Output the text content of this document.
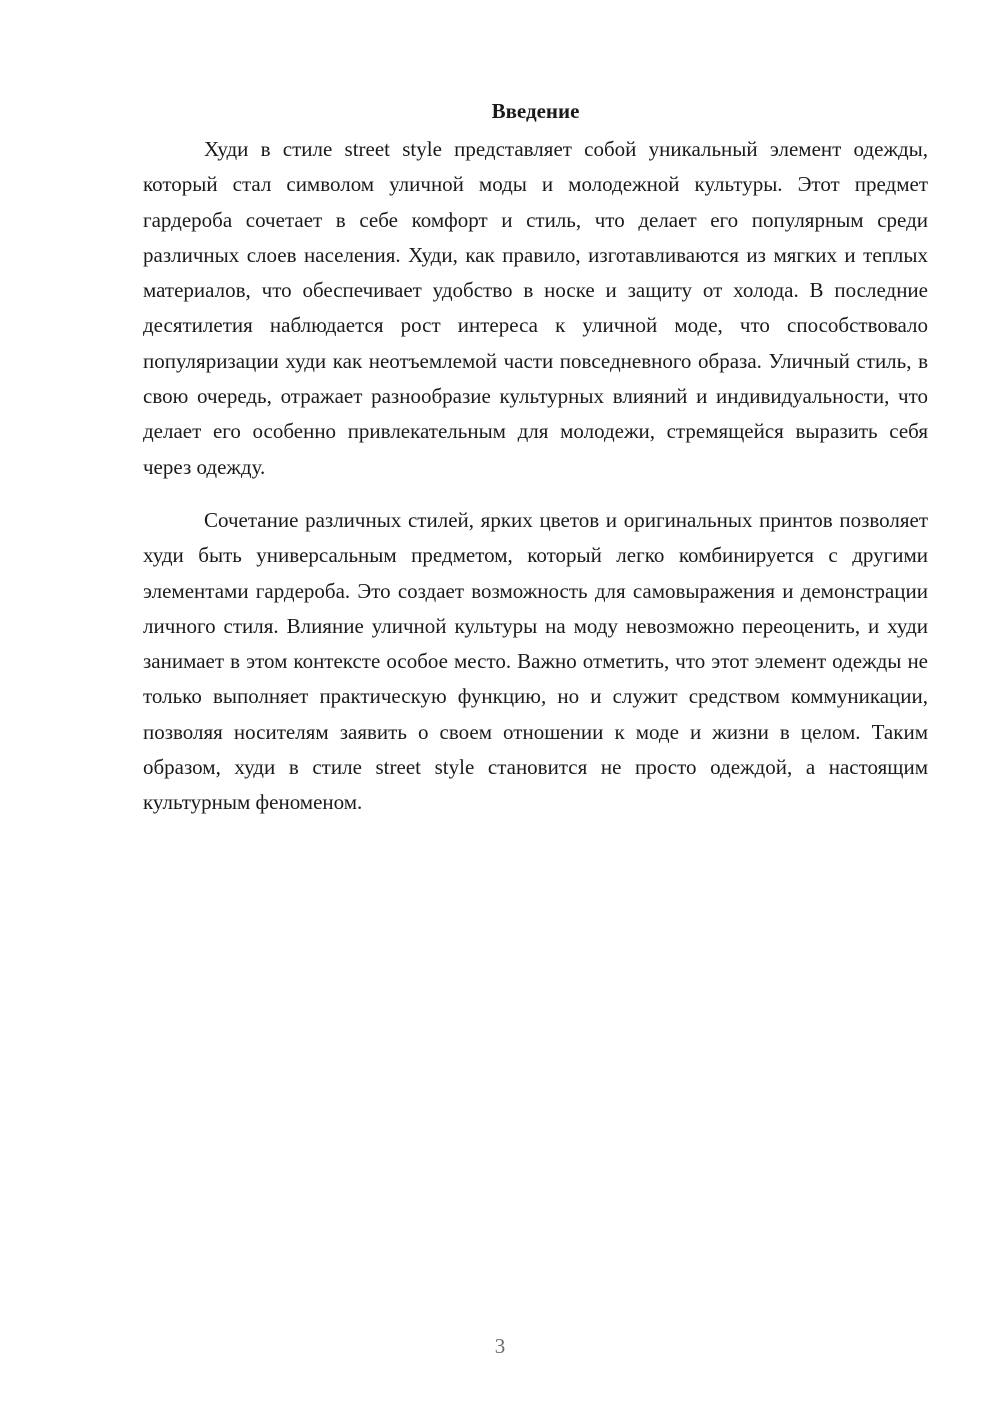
Введение

Худи в стиле street style представляет собой уникальный элемент одежды, который стал символом уличной моды и молодежной культуры. Этот предмет гардероба сочетает в себе комфорт и стиль, что делает его популярным среди различных слоев населения. Худи, как правило, изготавливаются из мягких и теплых материалов, что обеспечивает удобство в носке и защиту от холода. В последние десятилетия наблюдается рост интереса к уличной моде, что способствовало популяризации худи как неотъемлемой части повседневного образа. Уличный стиль, в свою очередь, отражает разнообразие культурных влияний и индивидуальности, что делает его особенно привлекательным для молодежи, стремящейся выразить себя через одежду.

Сочетание различных стилей, ярких цветов и оригинальных принтов позволяет худи быть универсальным предметом, который легко комбинируется с другими элементами гардероба. Это создает возможность для самовыражения и демонстрации личного стиля. Влияние уличной культуры на моду невозможно переоценить, и худи занимает в этом контексте особое место. Важно отметить, что этот элемент одежды не только выполняет практическую функцию, но и служит средством коммуникации, позволяя носителям заявить о своем отношении к моде и жизни в целом. Таким образом, худи в стиле street style становится не просто одеждой, а настоящим культурным феноменом.

3
